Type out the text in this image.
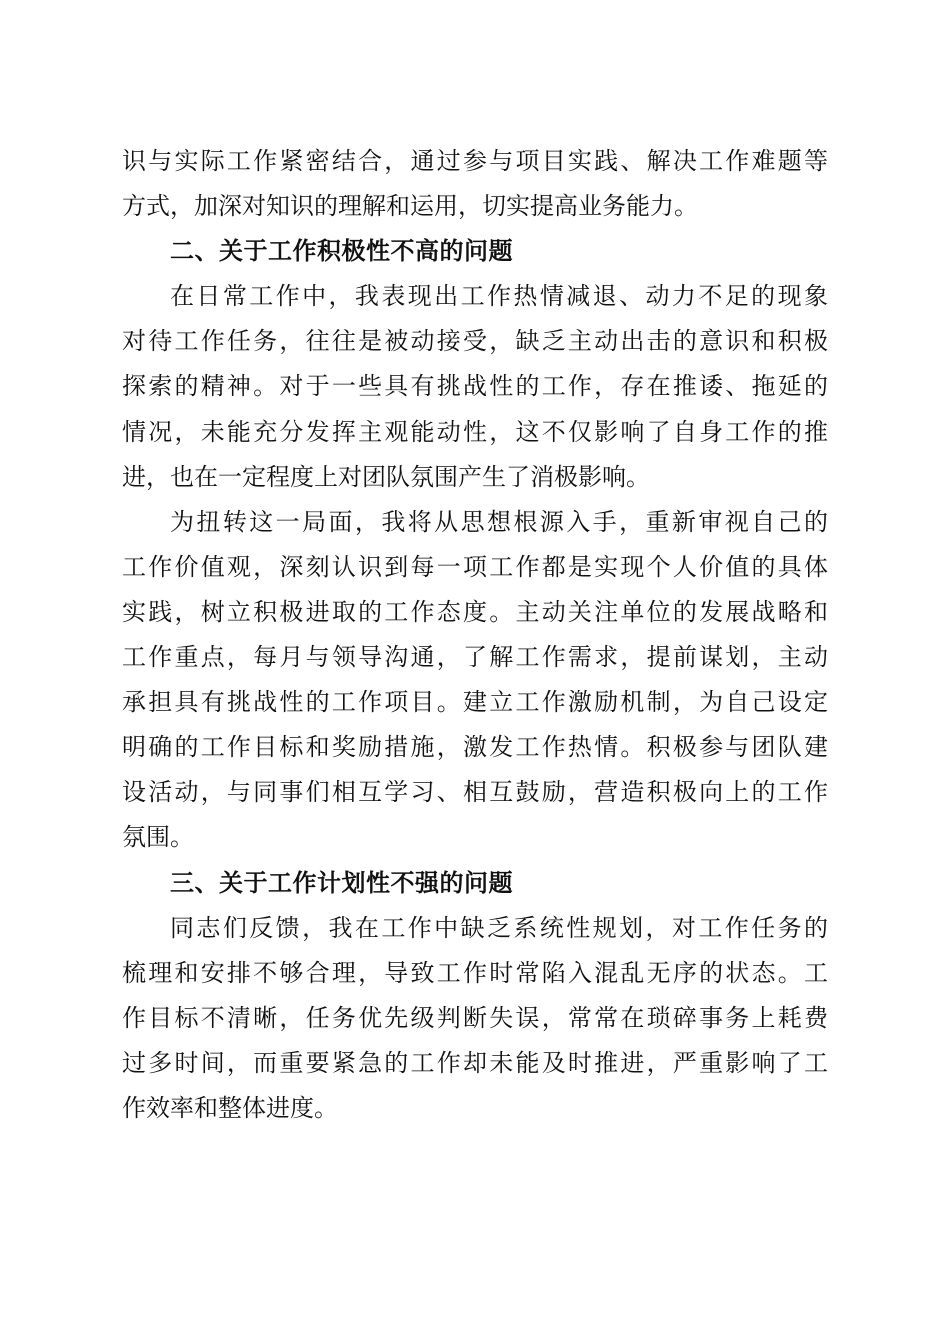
识与实际工作紧密结合，通过参与项目实践、解决工作难题等
方式，加深对知识的理解和运用，切实提高业务能力。
二、关于工作积极性不高的问题
在日常工作中，我表现出工作热情减退、动力不足的现象
对待工作任务，往往是被动接受，缺乏主动出击的意识和积极
探索的精神。对于一些具有挑战性的工作，存在推诿、拖延的
情况，未能充分发挥主观能动性，这不仅影响了自身工作的推
进，也在一定程度上对团队氛围产生了消极影响。
为扭转这一局面，我将从思想根源入手，重新审视自己的
工作价值观，深刻认识到每一项工作都是实现个人价值的具体
实践，树立积极进取的工作态度。主动关注单位的发展战略和
工作重点，每月与领导沟通，了解工作需求，提前谋划，主动
承担具有挑战性的工作项目。建立工作激励机制，为自己设定
明确的工作目标和奖励措施，激发工作热情。积极参与团队建
设活动，与同事们相互学习、相互鼓励，营造积极向上的工作
氛围。
三、关于工作计划性不强的问题
同志们反馈，我在工作中缺乏系统性规划，对工作任务的
梳理和安排不够合理，导致工作时常陷入混乱无序的状态。工
作目标不清晰，任务优先级判断失误，常常在琐碎事务上耗费
过多时间，而重要紧急的工作却未能及时推进，严重影响了工
作效率和整体进度。
